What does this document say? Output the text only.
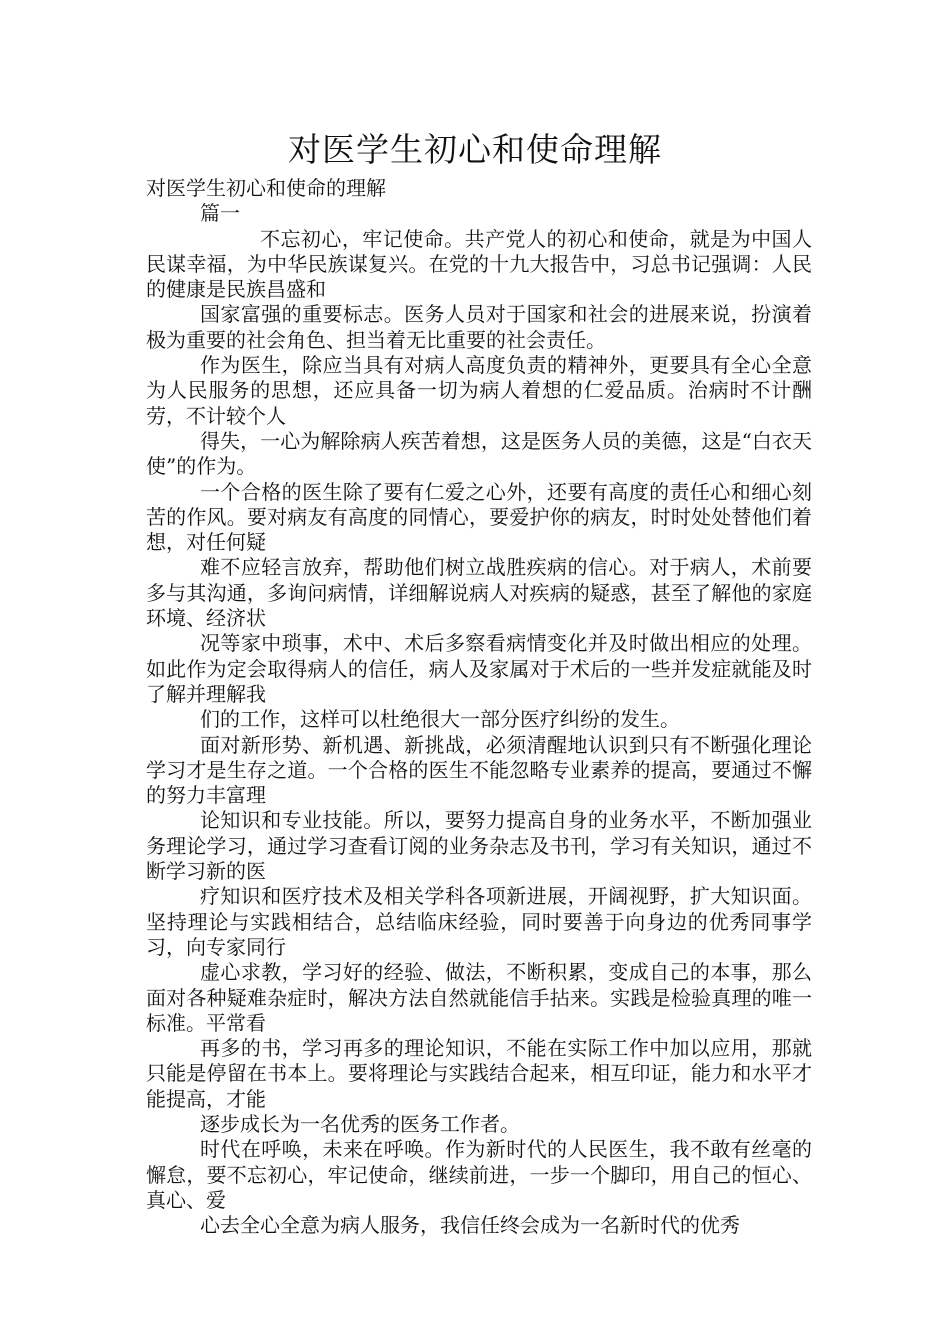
对医学生初心和使命理解

对医学生初心和使命的理解

篇一

不忘初心，牢记使命。共产党人的初心和使命，就是为中国人民谋幸福，为中华民族谋复兴。在党的十九大报告中，习总书记强调：人民的健康是民族昌盛和

国家富强的重要标志。医务人员对于国家和社会的进展来说，扮演着极为重要的社会角色、担当着无比重要的社会责任。

作为医生，除应当具有对病人高度负责的精神外，更要具有全心全意为人民服务的思想，还应具备一切为病人着想的仁爱品质。治病时不计酬劳，不计较个人

得失，一心为解除病人疾苦着想，这是医务人员的美德，这是“白衣天使”的作为。

一个合格的医生除了要有仁爱之心外，还要有高度的责任心和细心刻苦的作风。要对病友有高度的同情心，要爱护你的病友，时时处处替他们着想，对任何疑

难不应轻言放弃，帮助他们树立战胜疾病的信心。对于病人，术前要多与其沟通，多询问病情，详细解说病人对疾病的疑惑，甚至了解他的家庭环境、经济状

况等家中琐事，术中、术后多察看病情变化并及时做出相应的处理。如此作为定会取得病人的信任，病人及家属对于术后的一些并发症就能及时了解并理解我

们的工作，这样可以杜绝很大一部分医疗纠纷的发生。

面对新形势、新机遇、新挑战，必须清醒地认识到只有不断强化理论学习才是生存之道。一个合格的医生不能忽略专业素养的提高，要通过不懈的努力丰富理

论知识和专业技能。所以，要努力提高自身的业务水平，不断加强业务理论学习，通过学习查看订阅的业务杂志及书刊，学习有关知识，通过不断学习新的医

疗知识和医疗技术及相关学科各项新进展，开阔视野，扩大知识面。坚持理论与实践相结合，总结临床经验，同时要善于向身边的优秀同事学习，向专家同行

虚心求教，学习好的经验、做法，不断积累，变成自己的本事，那么面对各种疑难杂症时，解决方法自然就能信手拈来。实践是检验真理的唯一标准。平常看

再多的书，学习再多的理论知识，不能在实际工作中加以应用，那就只能是停留在书本上。要将理论与实践结合起来，相互印证，能力和水平才能提高，才能

逐步成长为一名优秀的医务工作者。

时代在呼唤，未来在呼唤。作为新时代的人民医生，我不敢有丝毫的懈怠，要不忘初心，牢记使命，继续前进，一步一个脚印，用自己的恒心、真心、爱

心去全心全意为病人服务，我信任终会成为一名新时代的优秀
